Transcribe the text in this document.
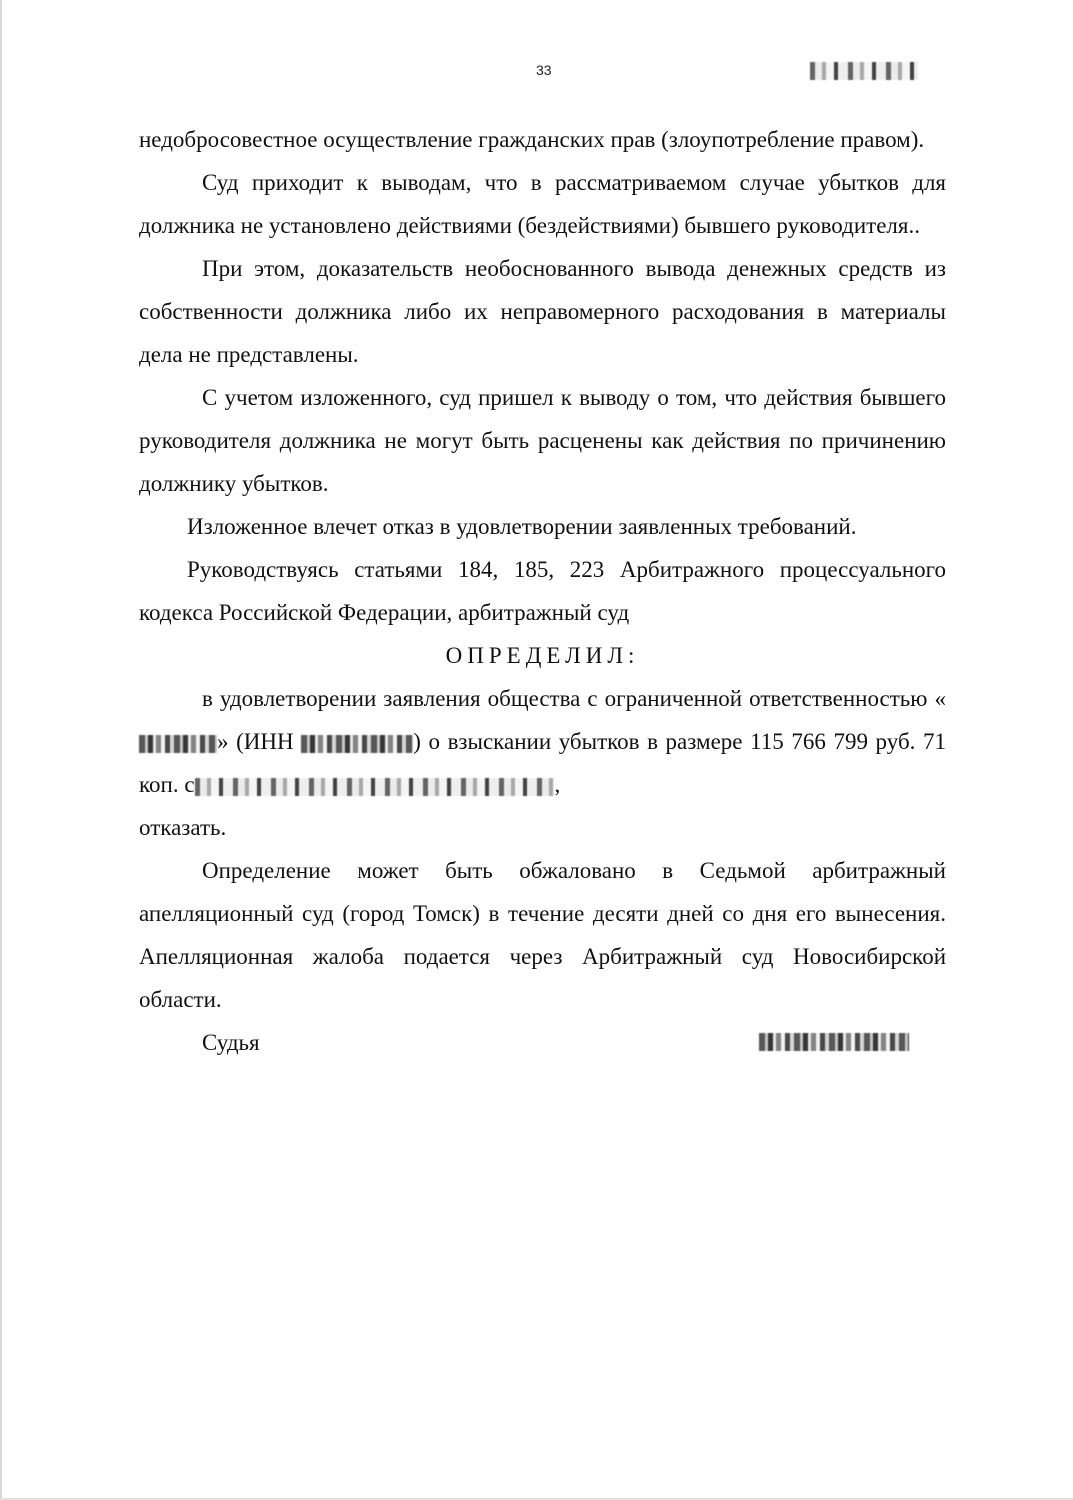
33

недобросовестное осуществление гражданских прав (злоупотребление правом).

Суд приходит к выводам, что в рассматриваемом случае убытков для должника не установлено действиями (бездействиями) бывшего руководителя..

При этом, доказательств необоснованного вывода денежных средств из собственности должника либо их неправомерного расходования в материалы дела не представлены.

С учетом изложенного, суд пришел к выводу о том, что действия бывшего руководителя должника не могут быть расценены как действия по причинению должнику убытков.

Изложенное влечет отказ в удовлетворении заявленных требований.

Руководствуясь статьями 184, 185, 223 Арбитражного процессуального кодекса Российской Федерации, арбитражный суд

ОПРЕДЕЛИЛ:

в удовлетворении заявления общества с ограниченной ответственностью «» (ИНН	) о взыскании убытков в размере 115 766 799 руб. 71 коп. с	,
отказать.

Определение может быть обжаловано в Седьмой арбитражный апелляционный суд (город Томск) в течение десяти дней со дня его вынесения. Апелляционная жалоба подается через Арбитражный суд Новосибирской области.

Судья
